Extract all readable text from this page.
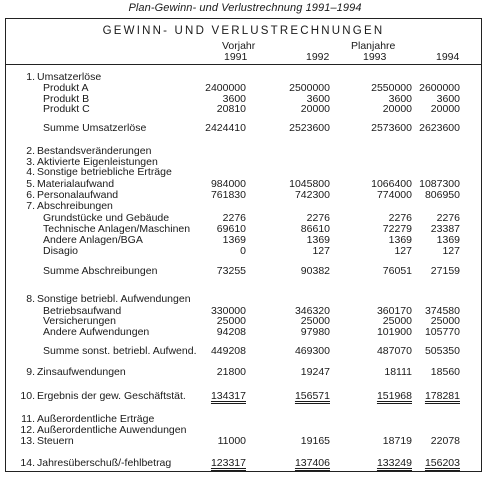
Plan-Gewinn- und Verlustrechnung 1991–1994
GEWINN- UND VERLUSTRECHNUNGEN
Vorjahr	Planjahre
1991	1992	1993	1994
1. Umsatzerlöse
Produkt A	2400000	2500000	2550000 2600000
Produkt B	3600	3600	3600	3600
Produkt C	20810	20000	20000	20000
Summe Umsatzerlöse	2424410	2523600	2573600 2623600
2. Bestandsveränderungen
3. Aktivierte Eigenleistungen
4. Sonstige betriebliche Erträge
5. Materialaufwand	984000	1045800	1066400 1087300
6. Personalaufwand	761830	742300	774000	806950
7. Abschreibungen
Grundstücke und Gebäude	2276	2276	2276	2276
Technische Anlagen/Maschinen	69610	86610	72279	23387
Andere Anlagen/BGA	1369	1369	1369	1369
Disagio	0	127	127	127
Summe Abschreibungen	73255	90382	76051	27159
8. Sonstige betriebl. Aufwendungen
Betriebsaufwand	330000	346320	360170	374580
Versicherungen	25000	25000	25000	25000
Andere Aufwendungen	94208	97980	101900	105770
Summe sonst. betriebl. Aufwend.	449208	469300	487070	505350
9. Zinsaufwendungen	21800	19247	18111	18560
10. Ergebnis der gew. Geschäftstät.	134317	156571	151968	178281
11. Außerordentliche Erträge
12. Außerordentliche Auwendungen
13. Steuern	11000	19165	18719	22078
14. Jahresüberschuß/-fehlbetrag	123317	137406	133249	156203
